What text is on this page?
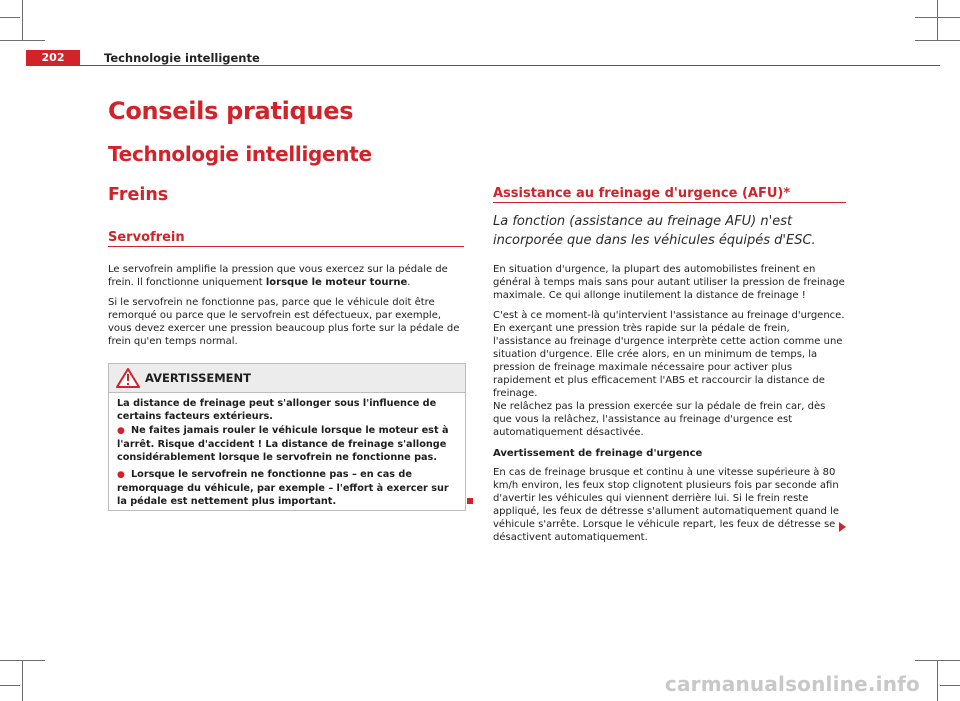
202	Technologie intelligente
Conseils pratiques
Technologie intelligente
Freins
Servofrein
Le servofrein amplifie la pression que vous exercez sur la pédale de frein. Il fonctionne uniquement lorsque le moteur tourne.
Si le servofrein ne fonctionne pas, parce que le véhicule doit être remorqué ou parce que le servofrein est défectueux, par exemple, vous devez exercer une pression beaucoup plus forte sur la pédale de frein qu'en temps normal.
AVERTISSEMENT
La distance de freinage peut s'allonger sous l'influence de certains facteurs extérieurs.
● Ne faites jamais rouler le véhicule lorsque le moteur est à l'arrêt. Risque d'accident ! La distance de freinage s'allonge considérablement lorsque le servofrein ne fonctionne pas.
● Lorsque le servofrein ne fonctionne pas – en cas de remorquage du véhicule, par exemple – l'effort à exercer sur la pédale est nettement plus important.
Assistance au freinage d'urgence (AFU)*
La fonction (assistance au freinage AFU) n'est incorporée que dans les véhicules équipés d'ESC.
En situation d'urgence, la plupart des automobilistes freinent en général à temps mais sans pour autant utiliser la pression de freinage maximale. Ce qui allonge inutilement la distance de freinage !
C'est à ce moment-là qu'intervient l'assistance au freinage d'urgence. En exerçant une pression très rapide sur la pédale de frein, l'assistance au freinage d'urgence interprète cette action comme une situation d'urgence. Elle crée alors, en un minimum de temps, la pression de freinage maximale nécessaire pour activer plus rapidement et plus efficacement l'ABS et raccourcir la distance de freinage.
Ne relâchez pas la pression exercée sur la pédale de frein car, dès que vous la relâchez, l'assistance au freinage d'urgence est automatiquement désactivée.
Avertissement de freinage d'urgence
En cas de freinage brusque et continu à une vitesse supérieure à 80 km/h environ, les feux stop clignotent plusieurs fois par seconde afin d'avertir les véhicules qui viennent derrière lui. Si le frein reste appliqué, les feux de détresse s'allument automatiquement quand le véhicule s'arrête. Lorsque le véhicule repart, les feux de détresse se désactivent automatiquement.
carmanualsonline.info
